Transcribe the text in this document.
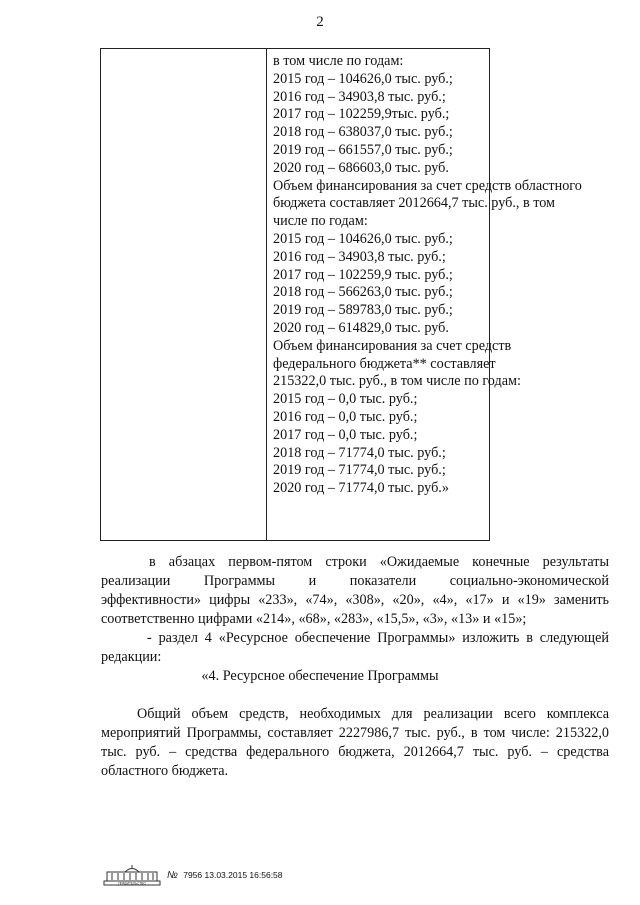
2
в том числе по годам:
2015 год – 104626,0 тыс. руб.;
2016 год – 34903,8 тыс. руб.;
2017 год – 102259,9тыс. руб.;
2018 год – 638037,0 тыс. руб.;
2019 год – 661557,0 тыс. руб.;
2020 год – 686603,0 тыс. руб.
Объем финансирования за счет средств областного
бюджета составляет 2012664,7 тыс. руб., в том
числе по годам:
2015 год – 104626,0 тыс. руб.;
2016 год – 34903,8 тыс. руб.;
2017 год – 102259,9 тыс. руб.;
2018 год – 566263,0 тыс. руб.;
2019 год – 589783,0 тыс. руб.;
2020 год – 614829,0 тыс. руб.
Объем финансирования за счет средств
федерального бюджета** составляет
215322,0 тыс. руб., в том числе по годам:
2015 год – 0,0 тыс. руб.;
2016 год – 0,0 тыс. руб.;
2017 год – 0,0 тыс. руб.;
2018 год – 71774,0 тыс. руб.;
2019 год – 71774,0 тыс. руб.;
2020 год – 71774,0 тыс. руб.»
в абзацах первом-пятом строки «Ожидаемые конечные результаты
реализации Программы и показатели социально-экономической
эффективности» цифры «233», «74», «308», «20», «4», «17» и «19» заменить
соответственно цифрами «214», «68», «283», «15,5», «3», «13» и «15»;
- раздел 4 «Ресурсное обеспечение Программы» изложить в следующей
редакции:
«4. Ресурсное обеспечение Программы
Общий объем средств, необходимых для реализации всего комплекса
мероприятий Программы, составляет 2227986,7 тыс. руб., в том числе: 215322,0
тыс. руб. – средства федерального бюджета, 2012664,7 тыс. руб. – средства
областного бюджета.
ПРАВИТЕЛЬСТВО
№ 7956 13.03.2015 16:56:58
